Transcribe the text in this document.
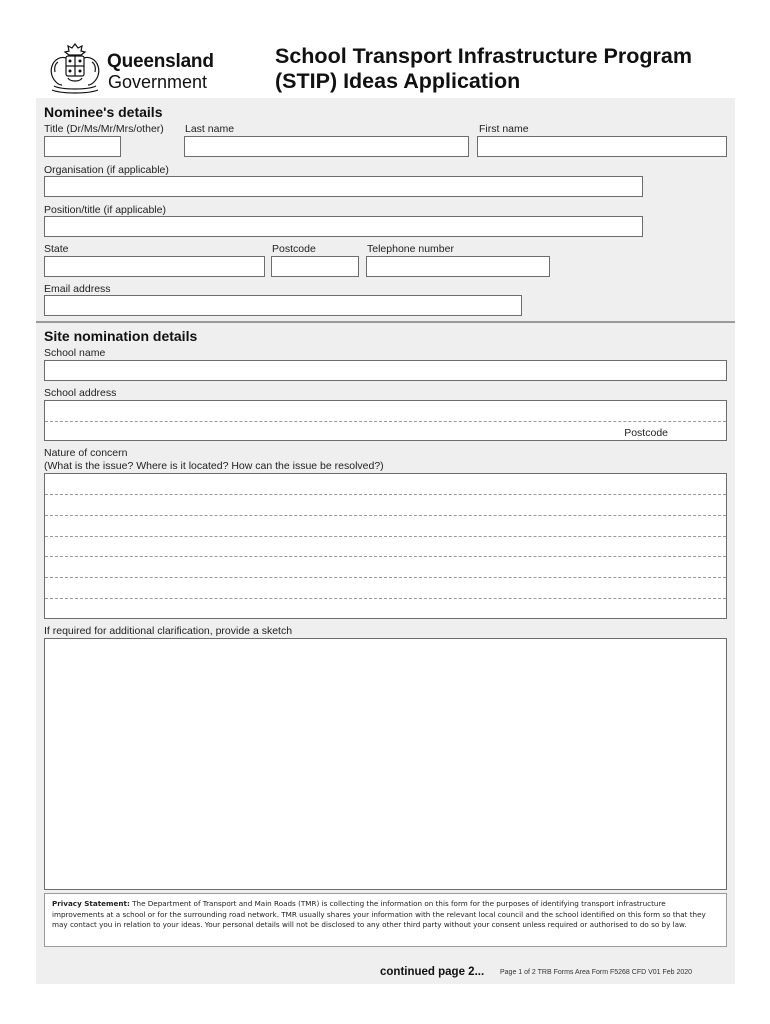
Queensland
Government
School Transport Infrastructure Program
(STIP) Ideas Application
Nominee's details
Title (Dr/Ms/Mr/Mrs/other) Last name	First name
Organisation (if applicable)
Position/title (if applicable)
State	Postcode	Telephone number
Email address
Site nomination details
School name
School address
Postcode
Nature of concern
(What is the issue? Where is it located? How can the issue be resolved?)
If required for additional clarification, provide a sketch
Privacy Statement: The Department of Transport and Main Roads (TMR) is collecting the information on this form for the purposes of identifying transport infrastructure improvements at a school or for the surrounding road network. TMR usually shares your information with the relevant local council and the school identified on this form so that they may contact you in relation to your ideas. Your personal details will not be disclosed to any other third party without your consent unless required or authorised to do so by law.
continued page 2... Page 1 of 2 TRB Forms Area Form F5268 CFD V01 Feb 2020
